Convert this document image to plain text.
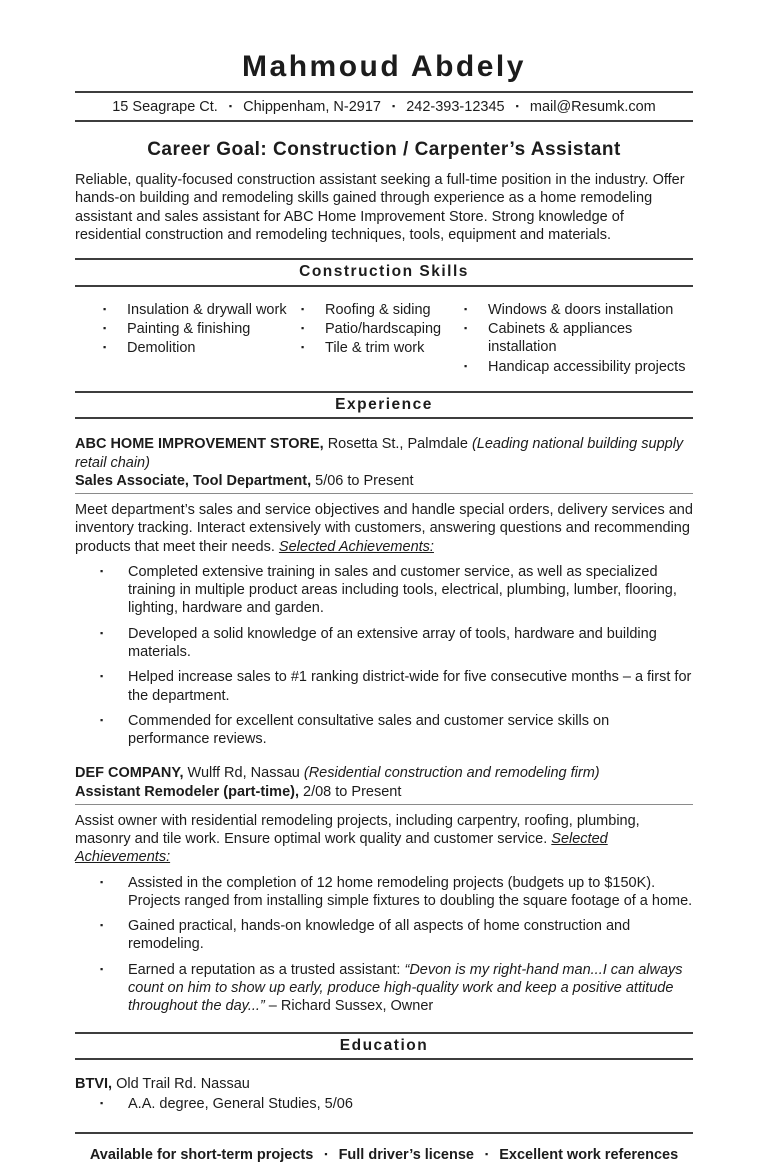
Mahmoud Abdely
15 Seagrape Ct. ▪ Chippenham, N-2917 ▪ 242-393-12345 ▪ mail@Resumk.com
Career Goal: Construction / Carpenter’s Assistant

Reliable, quality-focused construction assistant seeking a full-time position in the industry. Offer hands-on building and remodeling skills gained through experience as a home remodeling assistant and sales assistant for ABC Home Improvement Store. Strong knowledge of residential construction and remodeling techniques, tools, equipment and materials.

Construction Skills
▪	Insulation & drywall work
▪	Painting & finishing
▪	Demolition
▪	Roofing & siding
▪	Patio/hardscaping
▪	Tile & trim work
▪	Windows & doors installation
▪	Cabinets & appliances installation
▪	Handicap accessibility projects
Experience

ABC HOME IMPROVEMENT STORE, Rosetta St., Palmdale (Leading national building supply retail chain)

Sales Associate, Tool Department, 5/06 to Present

Meet department’s sales and service objectives and handle special orders, delivery services and inventory tracking. Interact extensively with customers, answering questions and recommending products that meet their needs. Selected Achievements:

▪	Completed extensive training in sales and customer service, as well as specialized training in multiple product areas including tools, electrical, plumbing, lumber, flooring, lighting, hardware and garden.
▪	Developed a solid knowledge of an extensive array of tools, hardware and building materials.
▪	Helped increase sales to #1 ranking district-wide for five consecutive months – a first for the department.
▪	Commended for excellent consultative sales and customer service skills on performance reviews.

DEF COMPANY, Wulff Rd, Nassau (Residential construction and remodeling firm)

Assistant Remodeler (part-time), 2/08 to Present

Assist owner with residential remodeling projects, including carpentry, roofing, plumbing, masonry and tile work. Ensure optimal work quality and customer service. Selected Achievements:

▪	Assisted in the completion of 12 home remodeling projects (budgets up to $150K). Projects ranged from installing simple fixtures to doubling the square footage of a home.
▪	Gained practical, hands-on knowledge of all aspects of home construction and remodeling.
▪	Earned a reputation as a trusted assistant: “Devon is my right-hand man...I can always count on him to show up early, produce high-quality work and keep a positive attitude throughout the day...” – Richard Sussex, Owner
Education

BTVI, Old Trail Rd. Nassau

▪	A.A. degree, General Studies, 5/06
Available for short-term projects ▪ Full driver’s license ▪ Excellent work references
